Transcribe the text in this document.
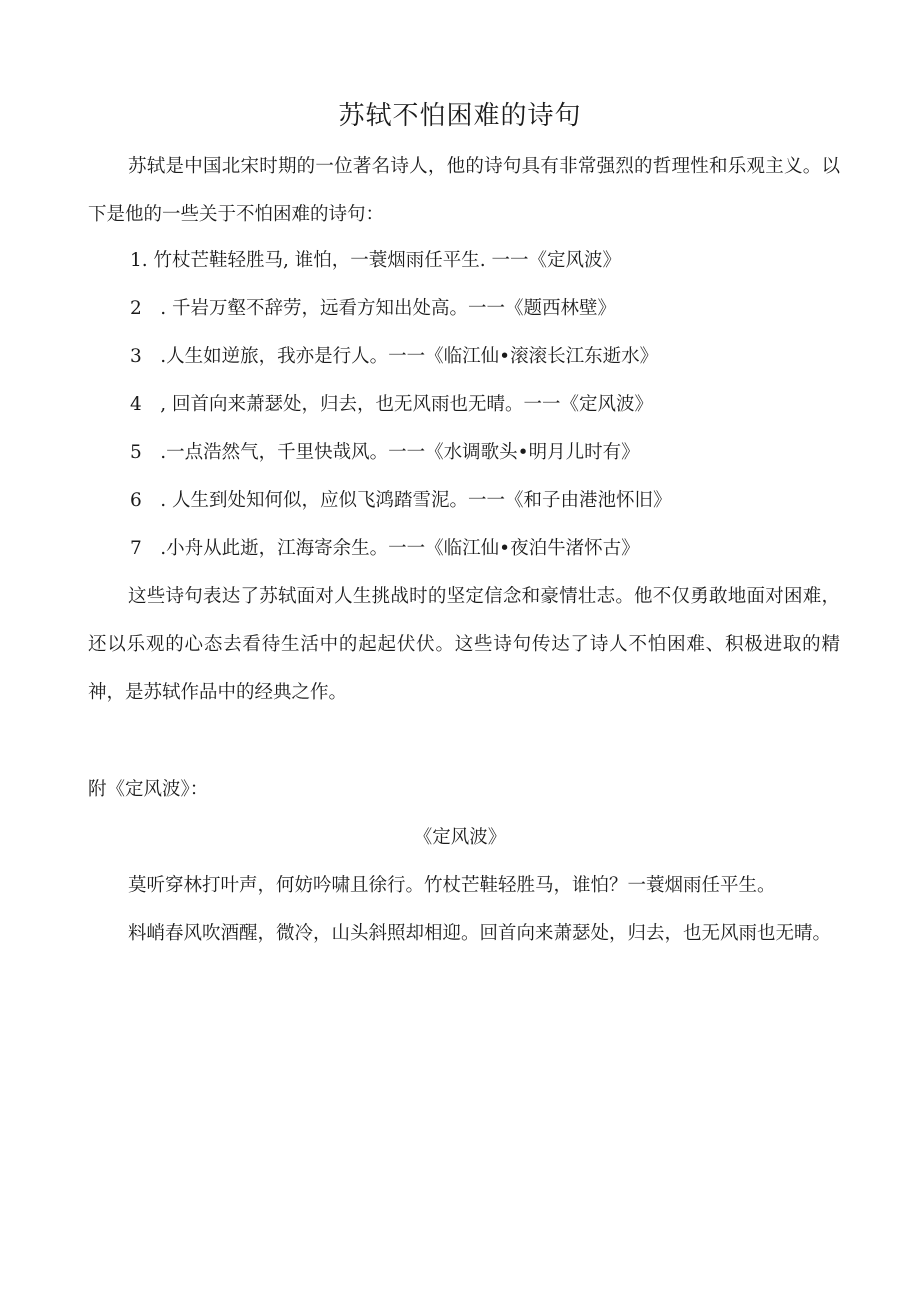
苏轼不怕困难的诗句

苏轼是中国北宋时期的一位著名诗人，他的诗句具有非常强烈的哲理性和乐观主义。以下是他的一些关于不怕困难的诗句：

1. 竹杖芒鞋轻胜马, 谁怕，一蓑烟雨任平生. 一一《定风波》

2　. 千岩万壑不辞劳，远看方知出处高。一一《题西林壁》

3　.人生如逆旅，我亦是行人。一一《临江仙•滚滚长江东逝水》

4　, 回首向来萧瑟处，归去，也无风雨也无晴。一一《定风波》

5　.一点浩然气，千里快哉风。一一《水调歌头•明月儿时有》

6　. 人生到处知何似，应似飞鸿踏雪泥。一一《和子由港池怀旧》

7　.小舟从此逝，江海寄余生。一一《临江仙•夜泊牛渚怀古》

这些诗句表达了苏轼面对人生挑战时的坚定信念和豪情壮志。他不仅勇敢地面对困难，还以乐观的心态去看待生活中的起起伏伏。这些诗句传达了诗人不怕困难、积极进取的精神，是苏轼作品中的经典之作。

附《定风波》：
《定风波》

莫听穿林打叶声，何妨吟啸且徐行。竹杖芒鞋轻胜马，谁怕？一蓑烟雨任平生。

料峭春风吹酒醒，微冷，山头斜照却相迎。回首向来萧瑟处，归去，也无风雨也无晴。
